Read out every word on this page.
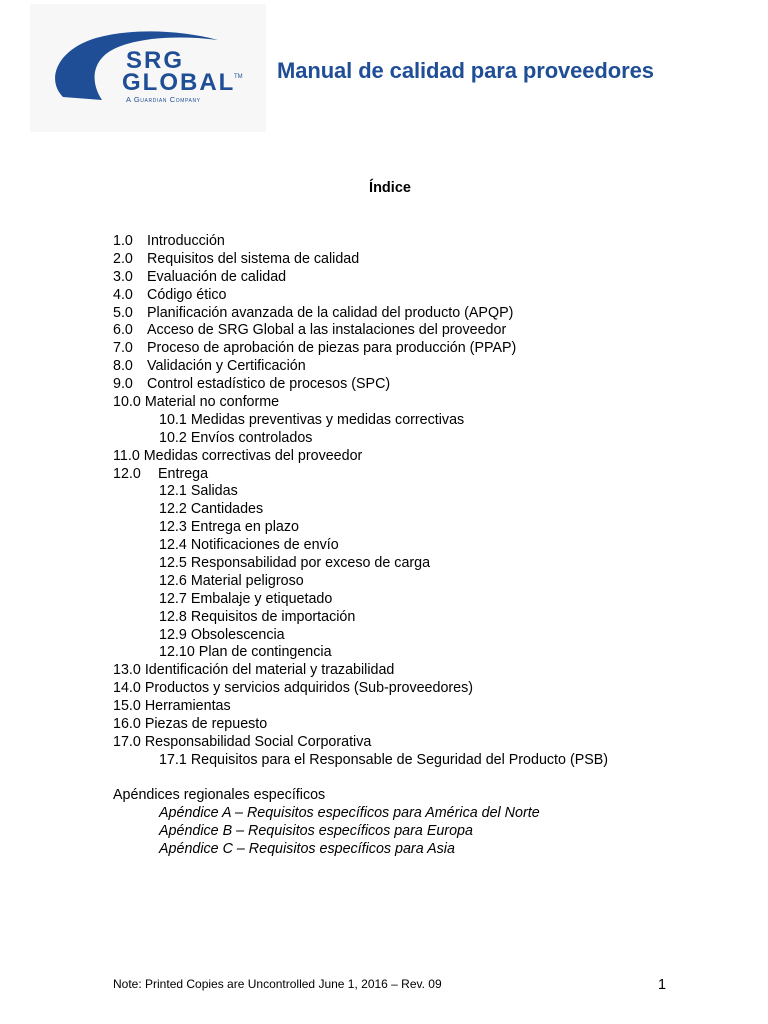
SRG
GLOBAL
TM
A Guardian Company
Manual de calidad para proveedores
Índice
1.0 Introducción
2.0 Requisitos del sistema de calidad
3.0 Evaluación de calidad
4.0 Código ético
5.0 Planificación avanzada de la calidad del producto (APQP)
6.0 Acceso de SRG Global a las instalaciones del proveedor
7.0 Proceso de aprobación de piezas para producción (PPAP)
8.0 Validación y Certificación
9.0 Control estadístico de procesos (SPC)
10.0 Material no conforme
10.1 Medidas preventivas y medidas correctivas
10.2 Envíos controlados
11.0 Medidas correctivas del proveedor
12.0 Entrega
12.1 Salidas
12.2 Cantidades
12.3 Entrega en plazo
12.4 Notificaciones de envío
12.5 Responsabilidad por exceso de carga
12.6 Material peligroso
12.7 Embalaje y etiquetado
12.8 Requisitos de importación
12.9 Obsolescencia
12.10 Plan de contingencia
13.0 Identificación del material y trazabilidad
14.0 Productos y servicios adquiridos (Sub-proveedores)
15.0 Herramientas
16.0 Piezas de repuesto
17.0 Responsabilidad Social Corporativa
17.1 Requisitos para el Responsable de Seguridad del Producto (PSB)
Apéndices regionales específicos
Apéndice A – Requisitos específicos para América del Norte
Apéndice B – Requisitos específicos para Europa
Apéndice C – Requisitos específicos para Asia
Note: Printed Copies are Uncontrolled June 1, 2016 – Rev. 09	1
